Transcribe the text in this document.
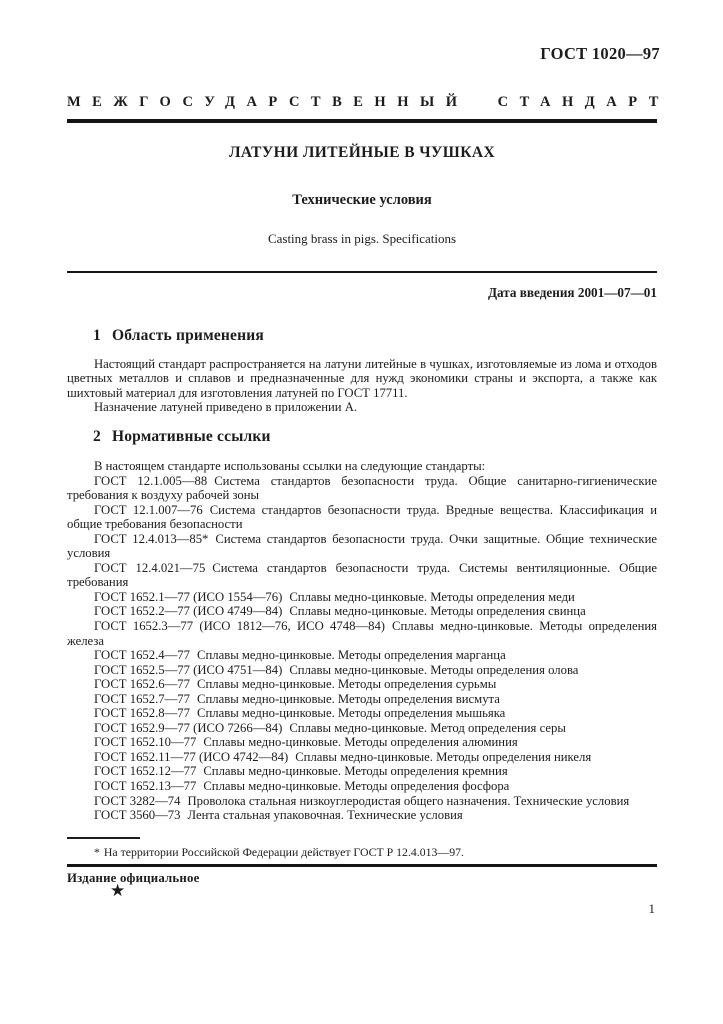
ГОСТ 1020—97
МЕЖГОСУДАРСТВЕННЫЙ СТАНДАРТ
ЛАТУНИ ЛИТЕЙНЫЕ В ЧУШКАХ
Технические условия
Casting brass in pigs. Specifications
Дата введения 2001—07—01
1 Область применения

Настоящий стандарт распространяется на латуни литейные в чушках, изготовляемые из лома и отходов цветных металлов и сплавов и предназначенные для нужд экономики страны и экспорта, а также как шихтовый материал для изготовления латуней по ГОСТ 17711.

Назначение латуней приведено в приложении А.

2 Нормативные ссылки

В настоящем стандарте использованы ссылки на следующие стандарты:

ГОСТ 12.1.005—88 Система стандартов безопасности труда. Общие санитарно-гигиенические требования к воздуху рабочей зоны

ГОСТ 12.1.007—76 Система стандартов безопасности труда. Вредные вещества. Классификация и общие требования безопасности

ГОСТ 12.4.013—85* Система стандартов безопасности труда. Очки защитные. Общие технические условия

ГОСТ 12.4.021—75 Система стандартов безопасности труда. Системы вентиляционные. Общие требования

ГОСТ 1652.1—77 (ИСО 1554—76) Сплавы медно-цинковые. Методы определения меди

ГОСТ 1652.2—77 (ИСО 4749—84) Сплавы медно-цинковые. Методы определения свинца

ГОСТ 1652.3—77 (ИСО 1812—76, ИСО 4748—84) Сплавы медно-цинковые. Методы определения железа

ГОСТ 1652.4—77 Сплавы медно-цинковые. Методы определения марганца

ГОСТ 1652.5—77 (ИСО 4751—84) Сплавы медно-цинковые. Методы определения олова

ГОСТ 1652.6—77 Сплавы медно-цинковые. Методы определения сурьмы

ГОСТ 1652.7—77 Сплавы медно-цинковые. Методы определения висмута

ГОСТ 1652.8—77 Сплавы медно-цинковые. Методы определения мышьяка

ГОСТ 1652.9—77 (ИСО 7266—84) Сплавы медно-цинковые. Метод определения серы

ГОСТ 1652.10—77 Сплавы медно-цинковые. Методы определения алюминия

ГОСТ 1652.11—77 (ИСО 4742—84) Сплавы медно-цинковые. Методы определения никеля

ГОСТ 1652.12—77 Сплавы медно-цинковые. Методы определения кремния

ГОСТ 1652.13—77 Сплавы медно-цинковые. Методы определения фосфора

ГОСТ 3282—74 Проволока стальная низкоуглеродистая общего назначения. Технические условия

ГОСТ 3560—73 Лента стальная упаковочная. Технические условия

* На территории Российской Федерации действует ГОСТ Р 12.4.013—97.
Издание официальное
★
1
